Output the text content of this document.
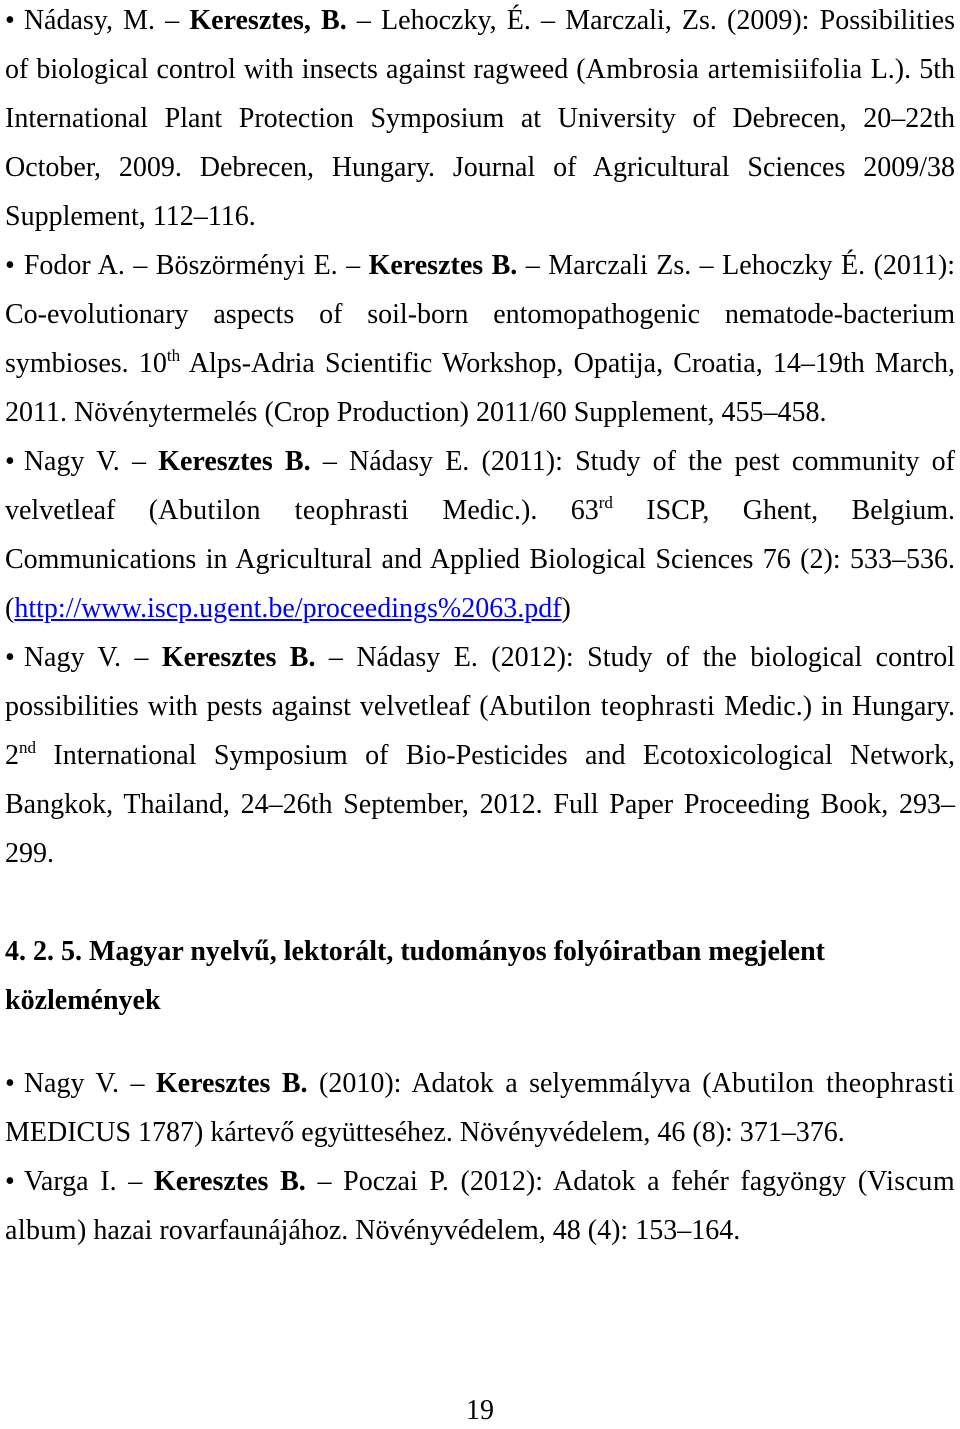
• Nádasy, M. – Keresztes, B. – Lehoczky, É. – Marczali, Zs. (2009): Possibilities
of biological control with insects against ragweed (Ambrosia artemisiifolia L.). 5th
International Plant Protection Symposium at University of Debrecen, 20–22th
October, 2009. Debrecen, Hungary. Journal of Agricultural Sciences 2009/38
Supplement, 112–116.
• Fodor A. – Böszörményi E. – Keresztes B. – Marczali Zs. – Lehoczky É. (2011):
Co-evolutionary aspects of soil-born entomopathogenic nematode-bacterium
symbioses. 10th Alps-Adria Scientific Workshop, Opatija, Croatia, 14–19th March,
2011. Növénytermelés (Crop Production) 2011/60 Supplement, 455–458.
• Nagy V. – Keresztes B. – Nádasy E. (2011): Study of the pest community of
velvetleaf (Abutilon teophrasti Medic.). 63rd ISCP, Ghent, Belgium.
Communications in Agricultural and Applied Biological Sciences 76 (2): 533–536.
(http://www.iscp.ugent.be/proceedings%2063.pdf)
• Nagy V. – Keresztes B. – Nádasy E. (2012): Study of the biological control
possibilities with pests against velvetleaf (Abutilon teophrasti Medic.) in Hungary.
2nd International Symposium of Bio-Pesticides and Ecotoxicological Network,
Bangkok, Thailand, 24–26th September, 2012. Full Paper Proceeding Book, 293–
299.
4. 2. 5. Magyar nyelvű, lektorált, tudományos folyóiratban megjelent
közlemények
• Nagy V. – Keresztes B. (2010): Adatok a selyemmályva (Abutilon theophrasti
MEDICUS 1787) kártevő együtteséhez. Növényvédelem, 46 (8): 371–376.
• Varga I. – Keresztes B. – Poczai P. (2012): Adatok a fehér fagyöngy (Viscum
album) hazai rovarfaunájához. Növényvédelem, 48 (4): 153–164.
19
